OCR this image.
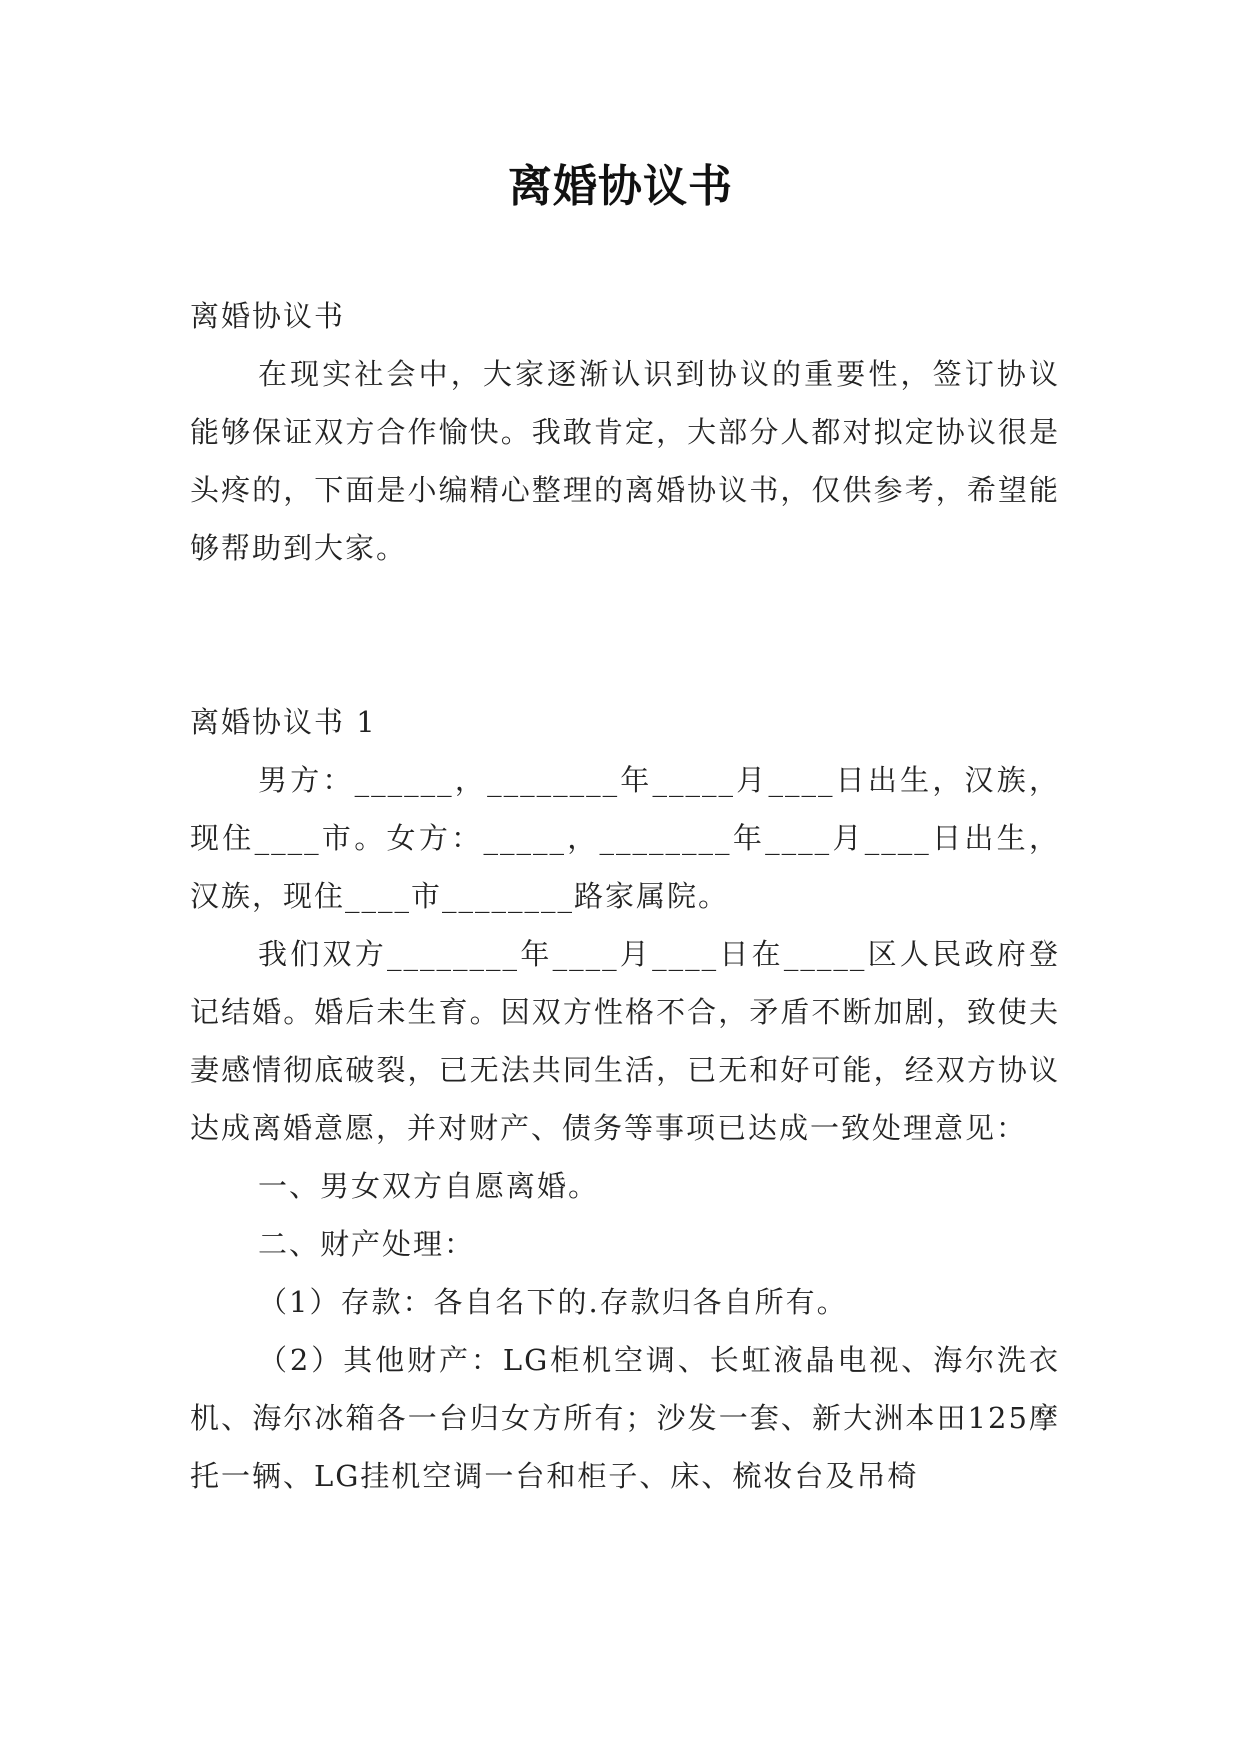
离婚协议书

离婚协议书

在现实社会中，大家逐渐认识到协议的重要性，签订协议能够保证双方合作愉快。我敢肯定，大部分人都对拟定协议很是头疼的，下面是小编精心整理的离婚协议书，仅供参考，希望能够帮助到大家。

离婚协议书 1

男方：______，________年_____月____日出生，汉族，现住____市。女方：_____，________年____月____日出生，汉族，现住____市________路家属院。

我们双方________年____月____日在_____区人民政府登记结婚。婚后未生育。因双方性格不合，矛盾不断加剧，致使夫妻感情彻底破裂，已无法共同生活，已无和好可能，经双方协议达成离婚意愿，并对财产、债务等事项已达成一致处理意见：

一、男女双方自愿离婚。

二、财产处理：

（1）存款：各自名下的.存款归各自所有。

（2）其他财产：LG柜机空调、长虹液晶电视、海尔洗衣机、海尔冰箱各一台归女方所有；沙发一套、新大洲本田125摩托一辆、LG挂机空调一台和柜子、床、梳妆台及吊椅
